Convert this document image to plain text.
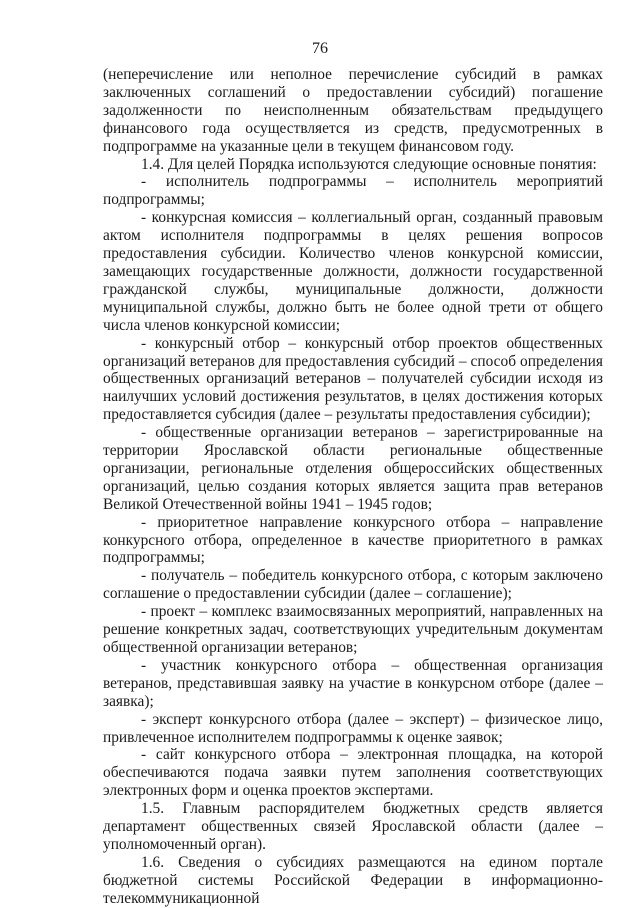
76

(неперечисление или неполное перечисление субсидий в рамках заключенных соглашений о предоставлении субсидий) погашение задолженности по неисполненным обязательствам предыдущего финансового года осуществляется из средств, предусмотренных в подпрограмме на указанные цели в текущем финансовом году.

1.4. Для целей Порядка используются следующие основные понятия:

- исполнитель подпрограммы – исполнитель мероприятий подпрограммы;

- конкурсная комиссия – коллегиальный орган, созданный правовым актом исполнителя подпрограммы в целях решения вопросов предоставления субсидии. Количество членов конкурсной комиссии, замещающих государственные должности, должности государственной гражданской службы, муниципальные должности, должности муниципальной службы, должно быть не более одной трети от общего числа членов конкурсной комиссии;

- конкурсный отбор – конкурсный отбор проектов общественных организаций ветеранов для предоставления субсидий – способ определения общественных организаций ветеранов – получателей субсидии исходя из наилучших условий достижения результатов, в целях достижения которых предоставляется субсидия (далее – результаты предоставления субсидии);

- общественные организации ветеранов – зарегистрированные на территории Ярославской области региональные общественные организации, региональные отделения общероссийских общественных организаций, целью создания которых является защита прав ветеранов Великой Отечественной войны 1941 – 1945 годов;

- приоритетное направление конкурсного отбора – направление конкурсного отбора, определенное в качестве приоритетного в рамках подпрограммы;

- получатель – победитель конкурсного отбора, с которым заключено соглашение о предоставлении субсидии (далее – соглашение);

- проект – комплекс взаимосвязанных мероприятий, направленных на решение конкретных задач, соответствующих учредительным документам общественной организации ветеранов;

- участник конкурсного отбора – общественная организация ветеранов, представившая заявку на участие в конкурсном отборе (далее – заявка);

- эксперт конкурсного отбора (далее – эксперт) – физическое лицо, привлеченное исполнителем подпрограммы к оценке заявок;

- сайт конкурсного отбора – электронная площадка, на которой обеспечиваются подача заявки путем заполнения соответствующих электронных форм и оценка проектов экспертами.

1.5. Главным распорядителем бюджетных средств является департамент общественных связей Ярославской области (далее – уполномоченный орган).

1.6. Сведения о субсидиях размещаются на едином портале бюджетной системы Российской Федерации в информационно-телекоммуникационной
